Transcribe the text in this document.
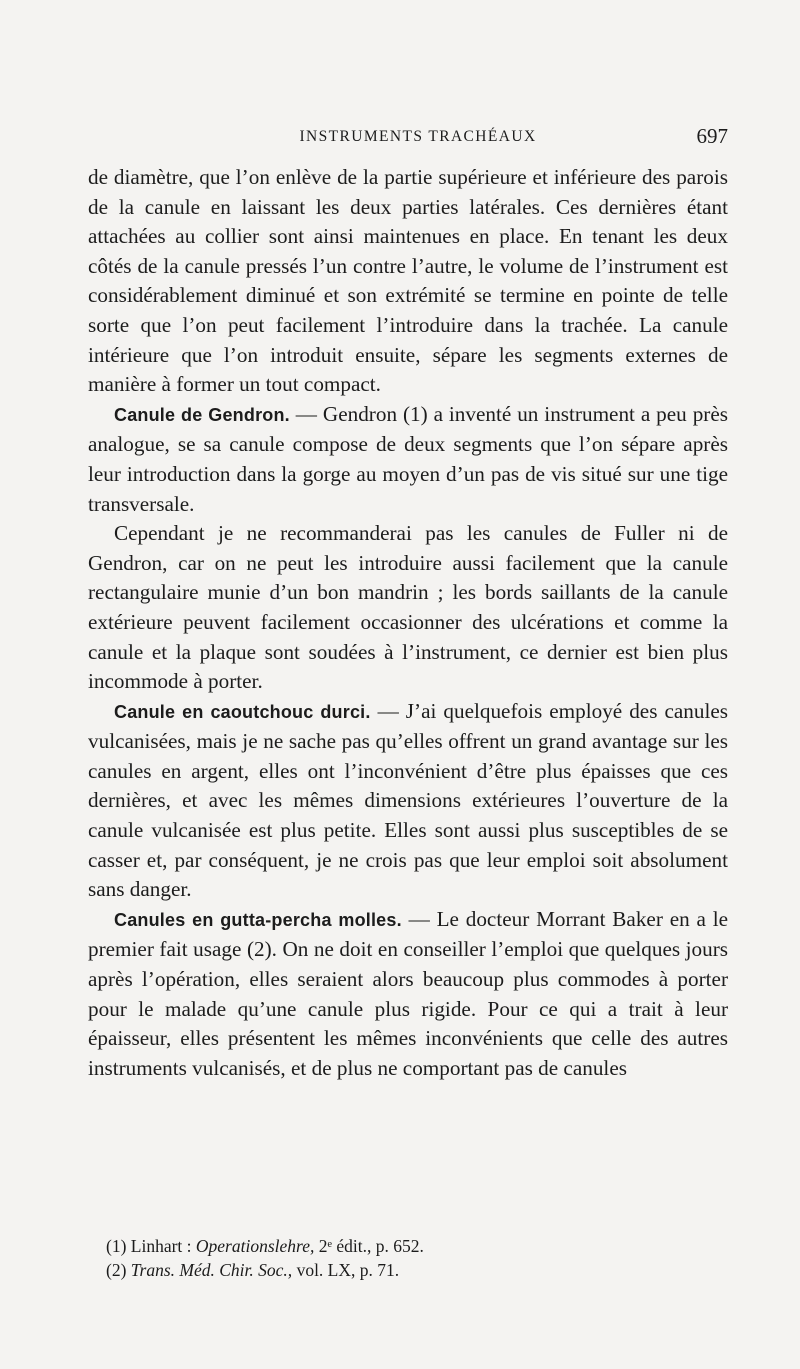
INSTRUMENTS TRACHÉAUX	697

de diamètre, que l’on enlève de la partie supérieure et inférieure des parois de la canule en laissant les deux parties latérales. Ces dernières étant attachées au collier sont ainsi maintenues en place. En tenant les deux côtés de la canule pressés l’un contre l’autre, le volume de l’instrument est considérablement diminué et son extrémité se termine en pointe de telle sorte que l’on peut facilement l’introduire dans la trachée. La canule intérieure que l’on introduit ensuite, sépare les segments externes de manière à former un tout compact.

Canule de Gendron. — Gendron (1) a inventé un instrument a peu près analogue, se sa canule compose de deux segments que l’on sépare après leur introduction dans la gorge au moyen d’un pas de vis situé sur une tige transversale.

Cependant je ne recommanderai pas les canules de Fuller ni de Gendron, car on ne peut les introduire aussi facilement que la canule rectangulaire munie d’un bon mandrin ; les bords saillants de la canule extérieure peuvent facilement occasionner des ulcérations et comme la canule et la plaque sont soudées à l’instrument, ce dernier est bien plus incommode à porter.

Canule en caoutchouc durci. — J’ai quelquefois employé des canules vulcanisées, mais je ne sache pas qu’elles offrent un grand avantage sur les canules en argent, elles ont l’inconvénient d’être plus épaisses que ces dernières, et avec les mêmes dimensions extérieures l’ouverture de la canule vulcanisée est plus petite. Elles sont aussi plus susceptibles de se casser et, par conséquent, je ne crois pas que leur emploi soit absolument sans danger.

Canules en gutta-percha molles. — Le docteur Morrant Baker en a le premier fait usage (2). On ne doit en conseiller l’emploi que quelques jours après l’opération, elles seraient alors beaucoup plus commodes à porter pour le malade qu’une canule plus rigide. Pour ce qui a trait à leur épaisseur, elles présentent les mêmes inconvénients que celle des autres instruments vulcanisés, et de plus ne comportant pas de canules

(1) Linhart : Operationslehre, 2ᵉ édit., p. 652.
(2) Trans. Méd. Chir. Soc., vol. LX, p. 71.
